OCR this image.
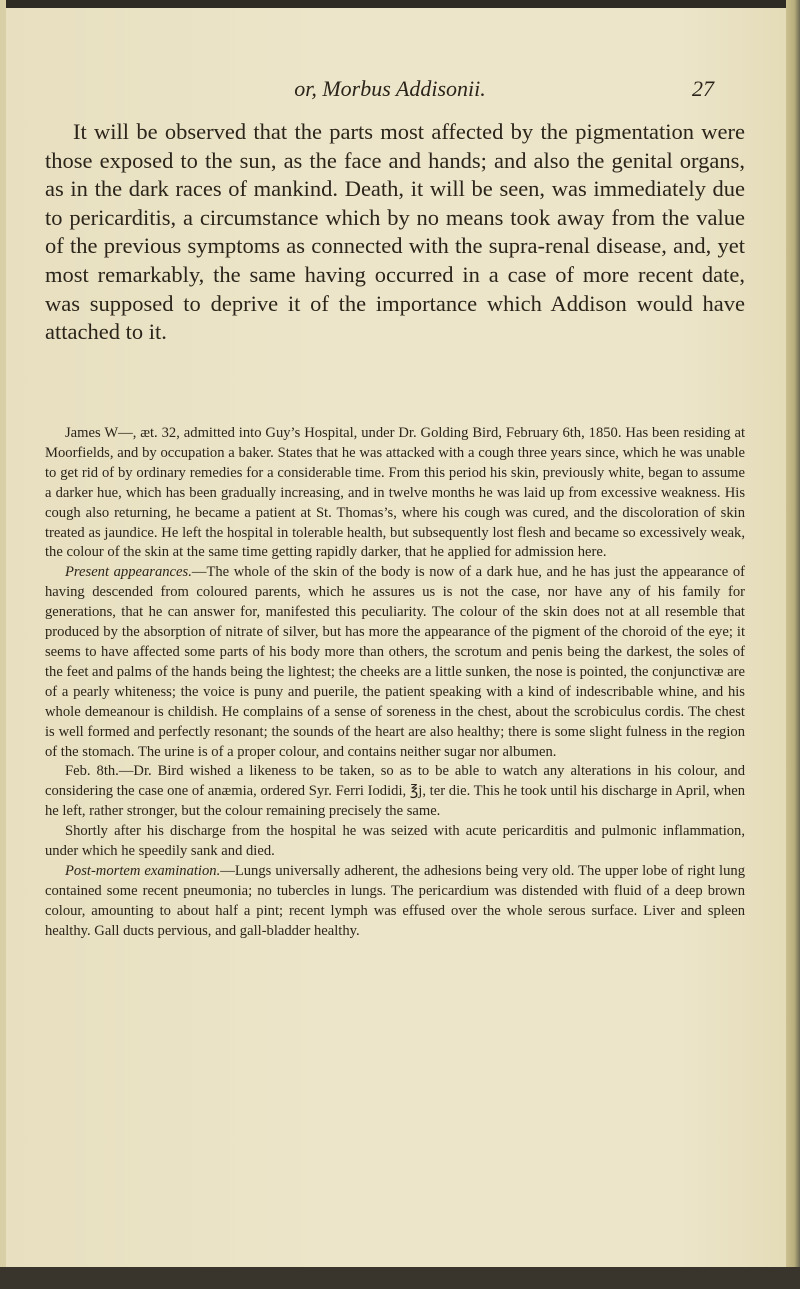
or, Morbus Addisonii.	27

It will be observed that the parts most affected by the pigmentation were those exposed to the sun, as the face and hands; and also the genital organs, as in the dark races of mankind. Death, it will be seen, was immediately due to pericarditis, a circumstance which by no means took away from the value of the previous symptoms as connected with the supra-renal disease, and, yet most remarkably, the same having occurred in a case of more recent date, was supposed to deprive it of the importance which Addison would have attached to it.

James W—, æt. 32, admitted into Guy’s Hospital, under Dr. Golding Bird, February 6th, 1850. Has been residing at Moorfields, and by occupation a baker. States that he was attacked with a cough three years since, which he was unable to get rid of by ordinary remedies for a considerable time. From this period his skin, previously white, began to assume a darker hue, which has been gradually increasing, and in twelve months he was laid up from excessive weakness. His cough also returning, he became a patient at St. Thomas’s, where his cough was cured, and the discoloration of skin treated as jaundice. He left the hospital in tolerable health, but subsequently lost flesh and became so excessively weak, the colour of the skin at the same time getting rapidly darker, that he applied for admission here.

Present appearances.—The whole of the skin of the body is now of a dark hue, and he has just the appearance of having descended from coloured parents, which he assures us is not the case, nor have any of his family for generations, that he can answer for, manifested this peculiarity. The colour of the skin does not at all resemble that produced by the absorption of nitrate of silver, but has more the appearance of the pigment of the choroid of the eye; it seems to have affected some parts of his body more than others, the scrotum and penis being the darkest, the soles of the feet and palms of the hands being the lightest; the cheeks are a little sunken, the nose is pointed, the conjunctivæ are of a pearly whiteness; the voice is puny and puerile, the patient speaking with a kind of indescribable whine, and his whole demeanour is childish. He complains of a sense of soreness in the chest, about the scrobiculus cordis. The chest is well formed and perfectly resonant; the sounds of the heart are also healthy; there is some slight fulness in the region of the stomach. The urine is of a proper colour, and contains neither sugar nor albumen.

Feb. 8th.—Dr. Bird wished a likeness to be taken, so as to be able to watch any alterations in his colour, and considering the case one of anæmia, ordered Syr. Ferri Iodidi, ℥j, ter die. This he took until his discharge in April, when he left, rather stronger, but the colour remaining precisely the same.

Shortly after his discharge from the hospital he was seized with acute pericarditis and pulmonic inflammation, under which he speedily sank and died.

Post-mortem examination.—Lungs universally adherent, the adhesions being very old. The upper lobe of right lung contained some recent pneumonia; no tubercles in lungs. The pericardium was distended with fluid of a deep brown colour, amounting to about half a pint; recent lymph was effused over the whole serous surface. Liver and spleen healthy. Gall ducts pervious, and gall-bladder healthy.
